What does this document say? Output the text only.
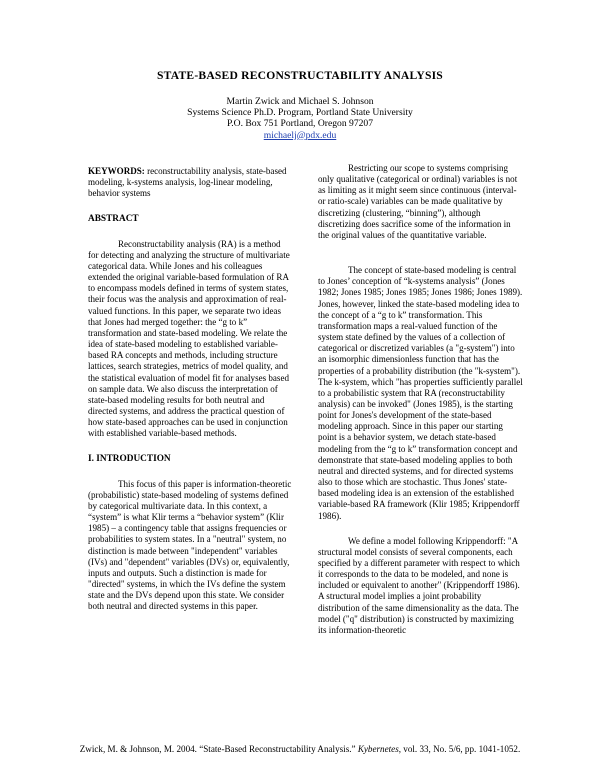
STATE-BASED RECONSTRUCTABILITY ANALYSIS
Martin Zwick and Michael S. Johnson
Systems Science Ph.D. Program, Portland State University
P.O. Box 751 Portland, Oregon 97207
michaelj@pdx.edu

KEYWORDS: reconstructability analysis, state-based modeling, k-systems analysis, log-linear modeling, behavior systems

ABSTRACT

Reconstructability analysis (RA) is a method for detecting and analyzing the structure of multivariate categorical data. While Jones and his colleagues extended the original variable-based formulation of RA to encompass models defined in terms of system states, their focus was the analysis and approximation of real-valued functions. In this paper, we separate two ideas that Jones had merged together: the “g to k” transformation and state-based modeling. We relate the idea of state-based modeling to established variable-based RA concepts and methods, including structure lattices, search strategies, metrics of model quality, and the statistical evaluation of model fit for analyses based on sample data. We also discuss the interpretation of state-based modeling results for both neutral and directed systems, and address the practical question of how state-based approaches can be used in conjunction with established variable-based methods.

I. INTRODUCTION

This focus of this paper is information-theoretic (probabilistic) state-based modeling of systems defined by categorical multivariate data. In this context, a “system” is what Klir terms a “behavior system” (Klir 1985) – a contingency table that assigns frequencies or probabilities to system states. In a "neutral" system, no distinction is made between "independent" variables (IVs) and "dependent" variables (DVs) or, equivalently, inputs and outputs. Such a distinction is made for "directed" systems, in which the IVs define the system state and the DVs depend upon this state. We consider both neutral and directed systems in this paper.

Restricting our scope to systems comprising only qualitative (categorical or ordinal) variables is not as limiting as it might seem since continuous (interval- or ratio-scale) variables can be made qualitative by discretizing (clustering, “binning”), although discretizing does sacrifice some of the information in the original values of the quantitative variable.

The concept of state-based modeling is central to Jones’ conception of “k-systems analysis” (Jones 1982; Jones 1985; Jones 1985; Jones 1986; Jones 1989). Jones, however, linked the state-based modeling idea to the concept of a “g to k” transformation. This transformation maps a real-valued function of the system state defined by the values of a collection of categorical or discretized variables (a "g-system") into an isomorphic dimensionless function that has the properties of a probability distribution (the "k-system"). The k-system, which "has properties sufficiently parallel to a probabilistic system that RA (reconstructability analysis) can be invoked" (Jones 1985), is the starting point for Jones's development of the state-based modeling approach. Since in this paper our starting point is a behavior system, we detach state-based modeling from the “g to k” transformation concept and demonstrate that state-based modeling applies to both neutral and directed systems, and for directed systems also to those which are stochastic. Thus Jones' state-based modeling idea is an extension of the established variable-based RA framework (Klir 1985; Krippendorff 1986).

We define a model following Krippendorff: "A structural model consists of several components, each specified by a different parameter with respect to which it corresponds to the data to be modeled, and none is included or equivalent to another" (Krippendorff 1986). A structural model implies a joint probability distribution of the same dimensionality as the data. The model ("q" distribution) is constructed by maximizing its information-theoretic

Zwick, M. & Johnson, M. 2004. “State-Based Reconstructability Analysis.” Kybernetes, vol. 33, No. 5/6, pp. 1041-1052.
